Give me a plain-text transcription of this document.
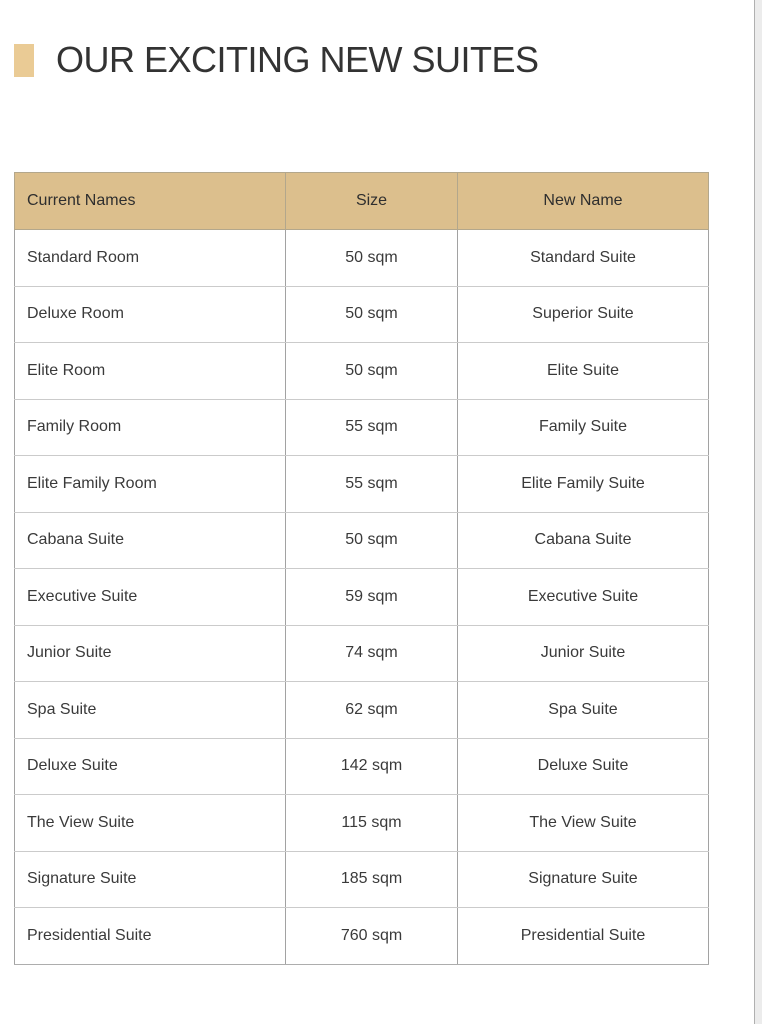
OUR EXCITING NEW SUITES
Current Names	Size	New Name
Standard Room	50 sqm	Standard Suite
Deluxe Room	50 sqm	Superior Suite
Elite Room	50 sqm	Elite Suite
Family Room	55 sqm	Family Suite
Elite Family Room	55 sqm	Elite Family Suite
Cabana Suite	50 sqm	Cabana Suite
Executive Suite	59 sqm	Executive Suite
Junior Suite	74 sqm	Junior Suite
Spa Suite	62 sqm	Spa Suite
Deluxe Suite	142 sqm	Deluxe Suite
The View Suite	115 sqm	The View Suite
Signature Suite	185 sqm	Signature Suite
Presidential Suite	760 sqm	Presidential Suite
